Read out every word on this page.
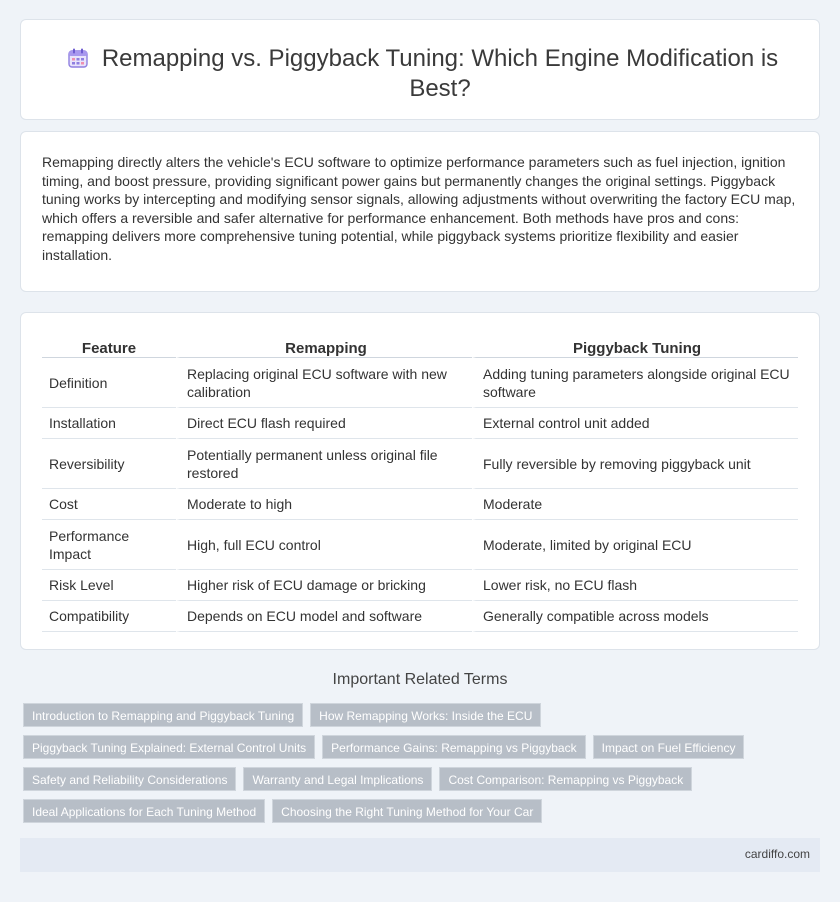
Remapping vs. Piggyback Tuning: Which Engine Modification is Best?

Remapping directly alters the vehicle's ECU software to optimize performance parameters such as fuel injection, ignition timing, and boost pressure, providing significant power gains but permanently changes the original settings. Piggyback tuning works by intercepting and modifying sensor signals, allowing adjustments without overwriting the factory ECU map, which offers a reversible and safer alternative for performance enhancement. Both methods have pros and cons: remapping delivers more comprehensive tuning potential, while piggyback systems prioritize flexibility and easier installation.

Feature	Remapping	Piggyback Tuning
Definition	Replacing original ECU software with new calibration	Adding tuning parameters alongside original ECU software
Installation	Direct ECU flash required	External control unit added
Reversibility	Potentially permanent unless original file restored	Fully reversible by removing piggyback unit
Cost	Moderate to high	Moderate
Performance Impact	High, full ECU control	Moderate, limited by original ECU
Risk Level	Higher risk of ECU damage or bricking	Lower risk, no ECU flash
Compatibility	Depends on ECU model and software	Generally compatible across models
Important Related Terms
Introduction to Remapping and Piggyback Tuning	How Remapping Works: Inside the ECU
Piggyback Tuning Explained: External Control Units	Performance Gains: Remapping vs Piggyback	Impact on Fuel Efficiency
Safety and Reliability Considerations	Warranty and Legal Implications	Cost Comparison: Remapping vs Piggyback
Ideal Applications for Each Tuning Method	Choosing the Right Tuning Method for Your Car
cardiffo.com
